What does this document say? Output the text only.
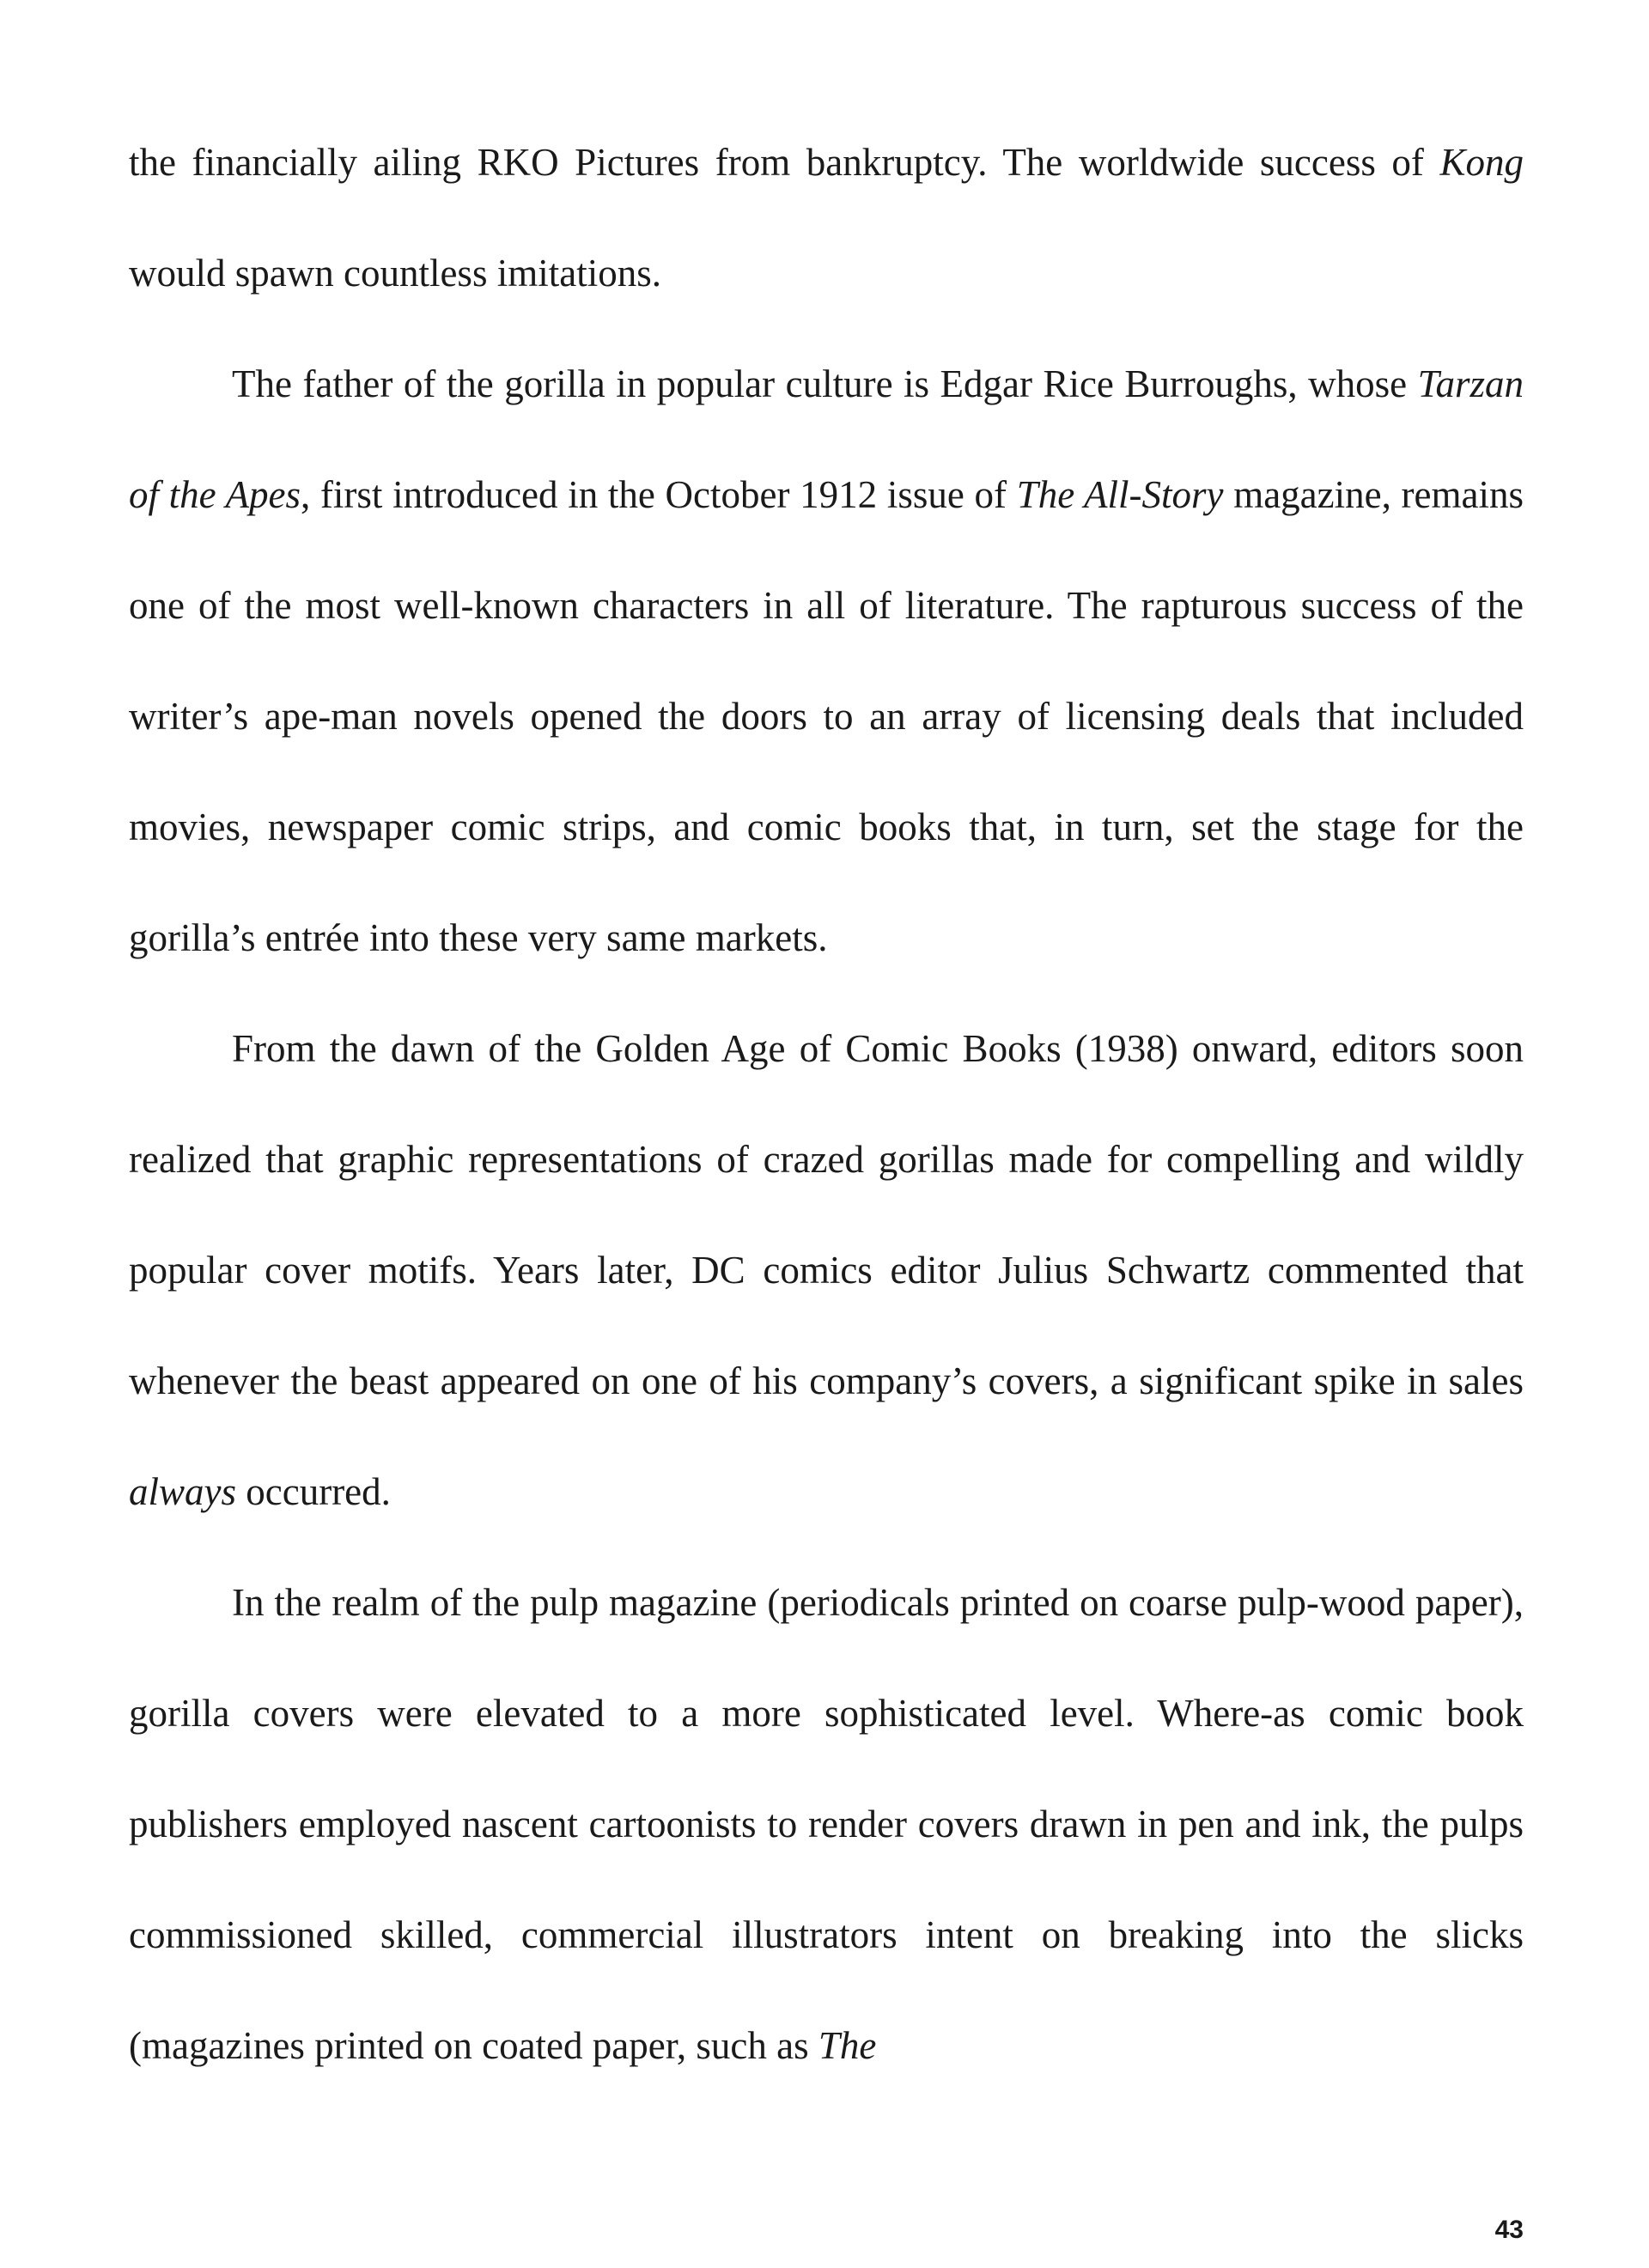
the financially ailing RKO Pictures from bankruptcy. The worldwide success of Kong would spawn countless imitations.

The father of the gorilla in popular culture is Edgar Rice Burroughs, whose Tarzan of the Apes, first introduced in the October 1912 issue of The All-Story magazine, remains one of the most well-known characters in all of literature. The rapturous success of the writer’s ape-man novels opened the doors to an array of licensing deals that included movies, newspaper comic strips, and comic books that, in turn, set the stage for the gorilla’s entrée into these very same markets.

From the dawn of the Golden Age of Comic Books (1938) onward, editors soon realized that graphic representations of crazed gorillas made for compelling and wildly popular cover motifs. Years later, DC comics editor Julius Schwartz commented that whenever the beast appeared on one of his company’s covers, a significant spike in sales always occurred.

In the realm of the pulp magazine (periodicals printed on coarse pulp-wood paper), gorilla covers were elevated to a more sophisticated level. Where-as comic book publishers employed nascent cartoonists to render covers drawn in pen and ink, the pulps commissioned skilled, commercial illustrators intent on breaking into the slicks (magazines printed on coated paper, such as The

43
